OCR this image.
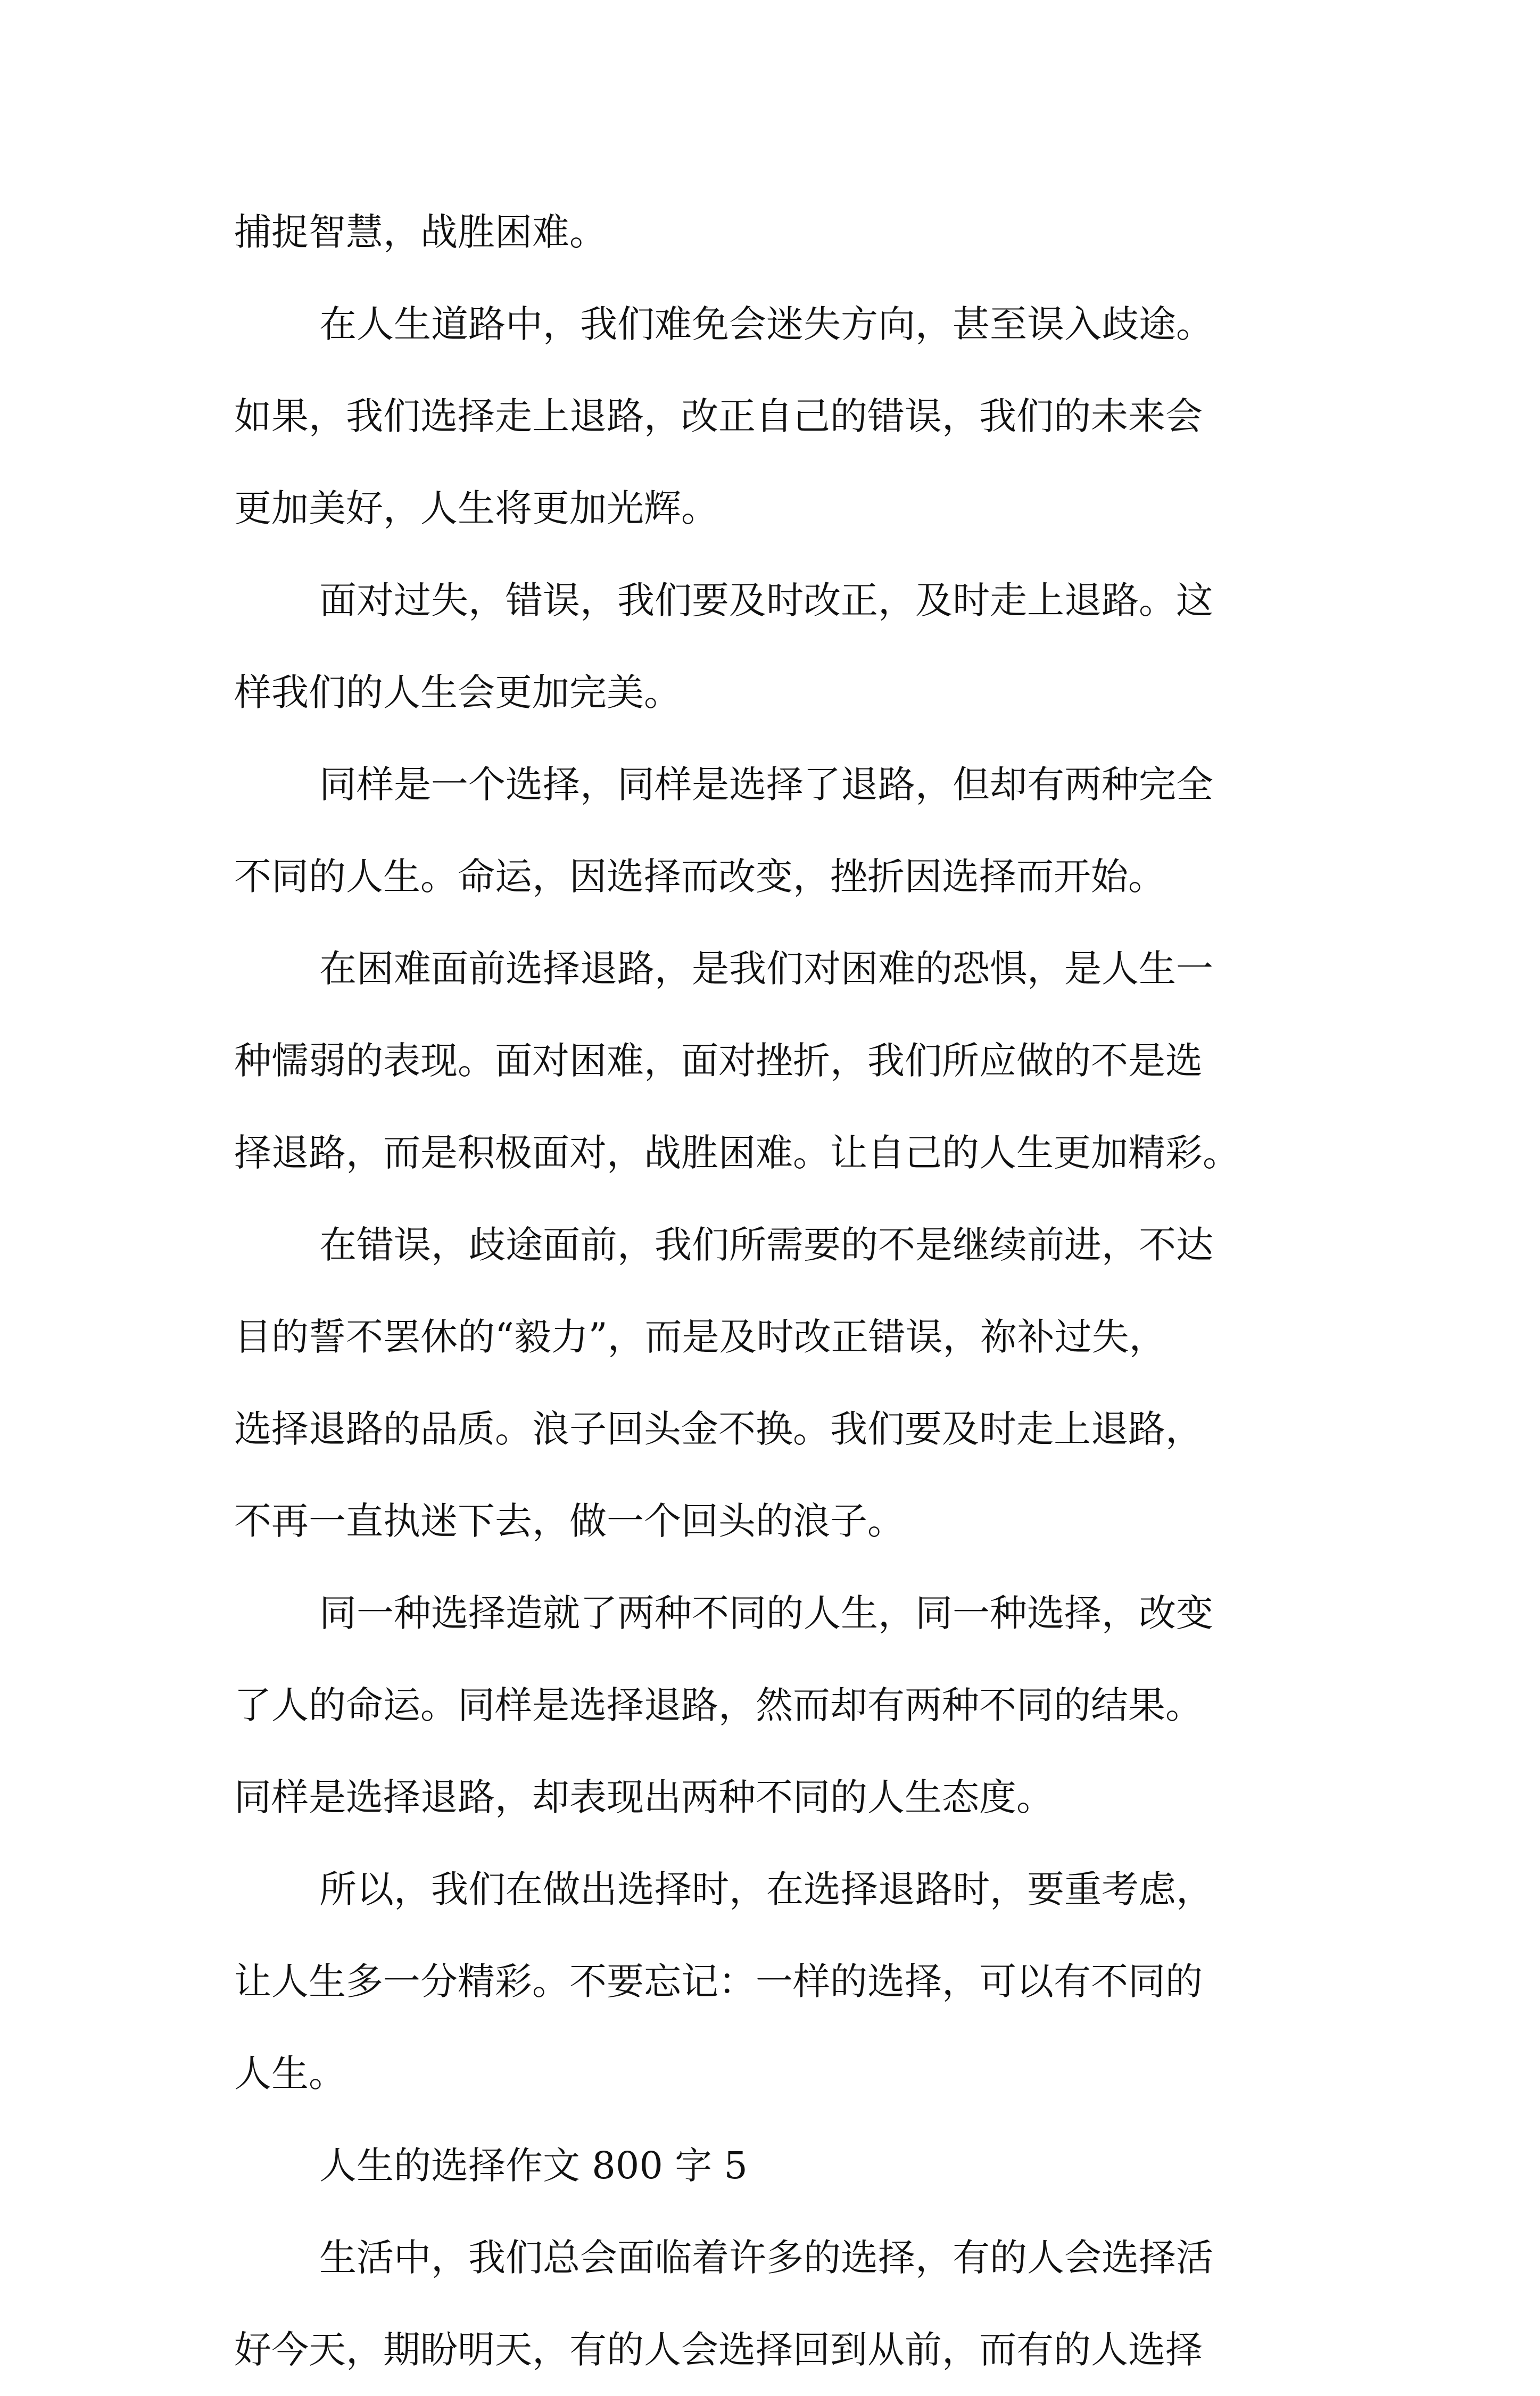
捕捉智慧，战胜困难。
在人生道路中，我们难免会迷失方向，甚至误入歧途。
如果，我们选择走上退路，改正自己的错误，我们的未来会
更加美好，人生将更加光辉。
面对过失，错误，我们要及时改正，及时走上退路。这
样我们的人生会更加完美。
同样是一个选择，同样是选择了退路，但却有两种完全
不同的人生。命运，因选择而改变，挫折因选择而开始。
在困难面前选择退路，是我们对困难的恐惧，是人生一
种懦弱的表现。面对困难，面对挫折，我们所应做的不是选
择退路，而是积极面对，战胜困难。让自己的人生更加精彩。
在错误，歧途面前，我们所需要的不是继续前进，不达
目的誓不罢休的“毅力”，而是及时改正错误，祢补过失，
选择退路的品质。浪子回头金不换。我们要及时走上退路，
不再一直执迷下去，做一个回头的浪子。
同一种选择造就了两种不同的人生，同一种选择，改变
了人的命运。同样是选择退路，然而却有两种不同的结果。
同样是选择退路，却表现出两种不同的人生态度。
所以，我们在做出选择时，在选择退路时，要重考虑，
让人生多一分精彩。不要忘记：一样的选择，可以有不同的
人生。
人生的选择作文 800 字 5
生活中，我们总会面临着许多的选择，有的人会选择活
好今天，期盼明天，有的人会选择回到从前，而有的人选择
